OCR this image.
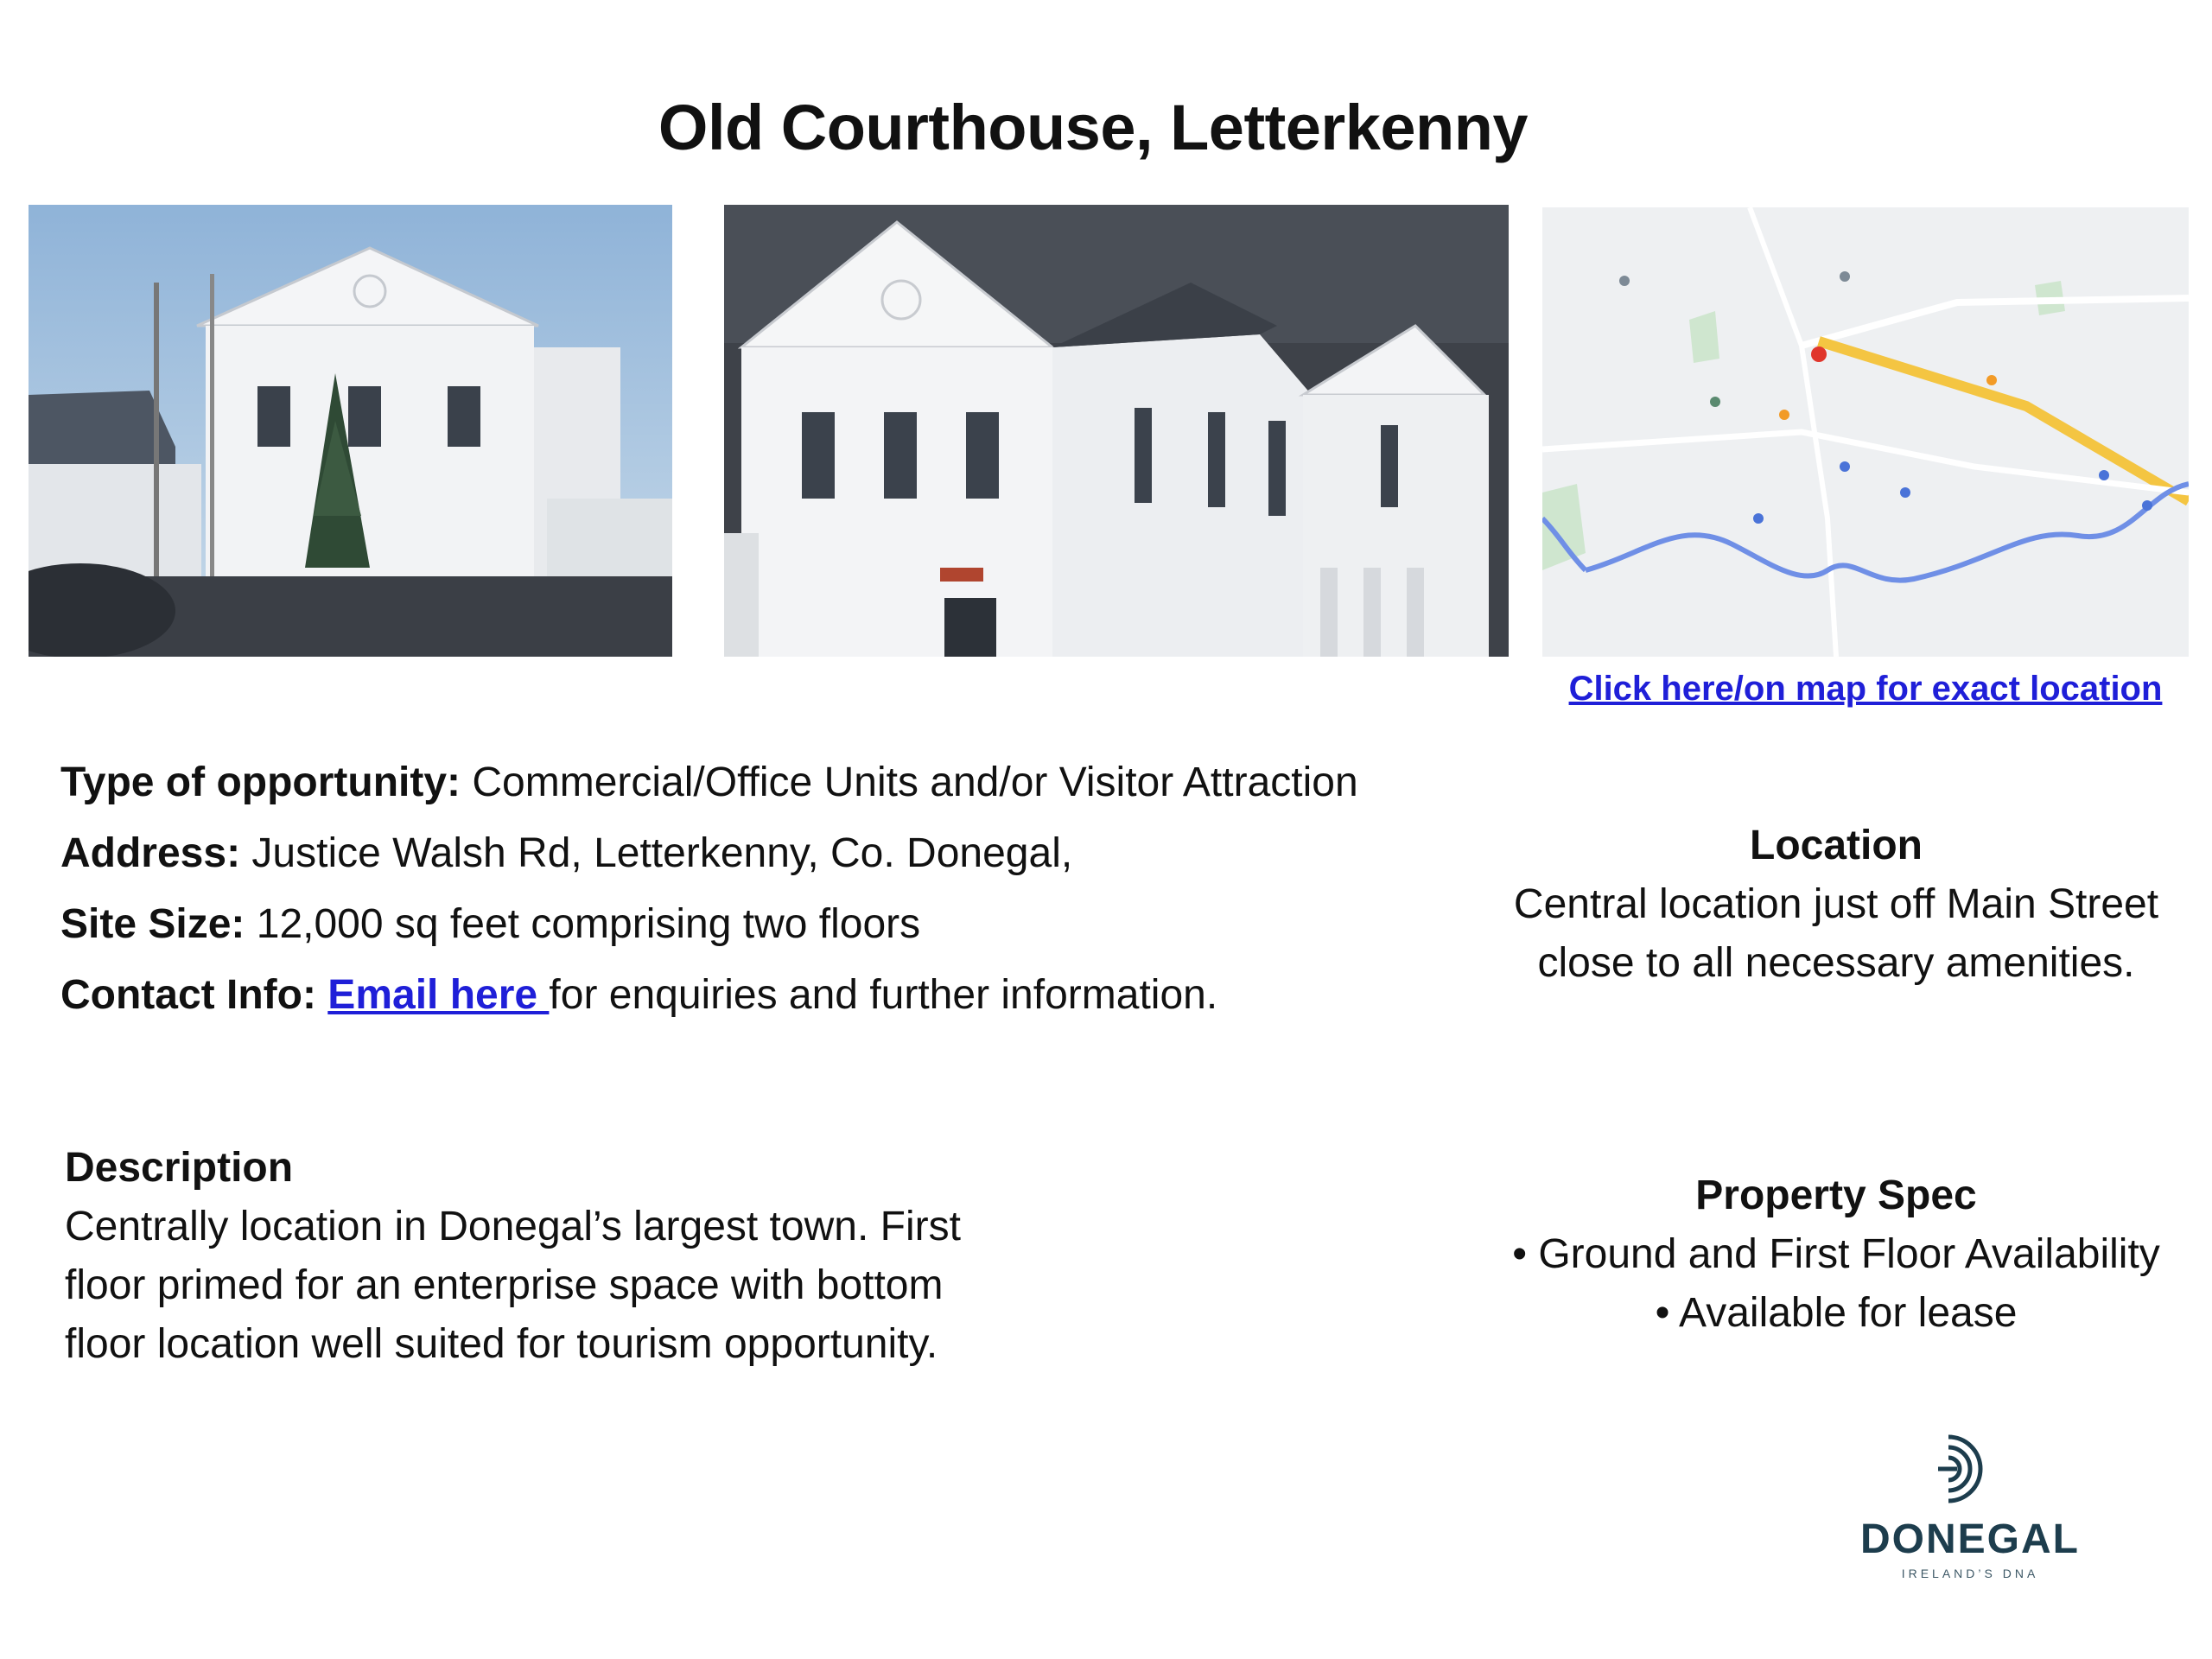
Old Courthouse, Letterkenny
Click here/on map for exact location
Type of opportunity: Commercial/Office Units and/or Visitor Attraction
Address: Justice Walsh Rd, Letterkenny, Co. Donegal,
Site Size: 12,000 sq feet comprising two floors
Contact Info: Email here for enquiries and further information.
Location
Central location just off Main Street
close to all necessary amenities.
Description
Centrally location in Donegal’s largest town. First
floor primed for an enterprise space with bottom
floor location well suited for tourism opportunity.
Property Spec
• Ground and First Floor Availability
• Available for lease
DONEGAL
IRELAND’S DNA
